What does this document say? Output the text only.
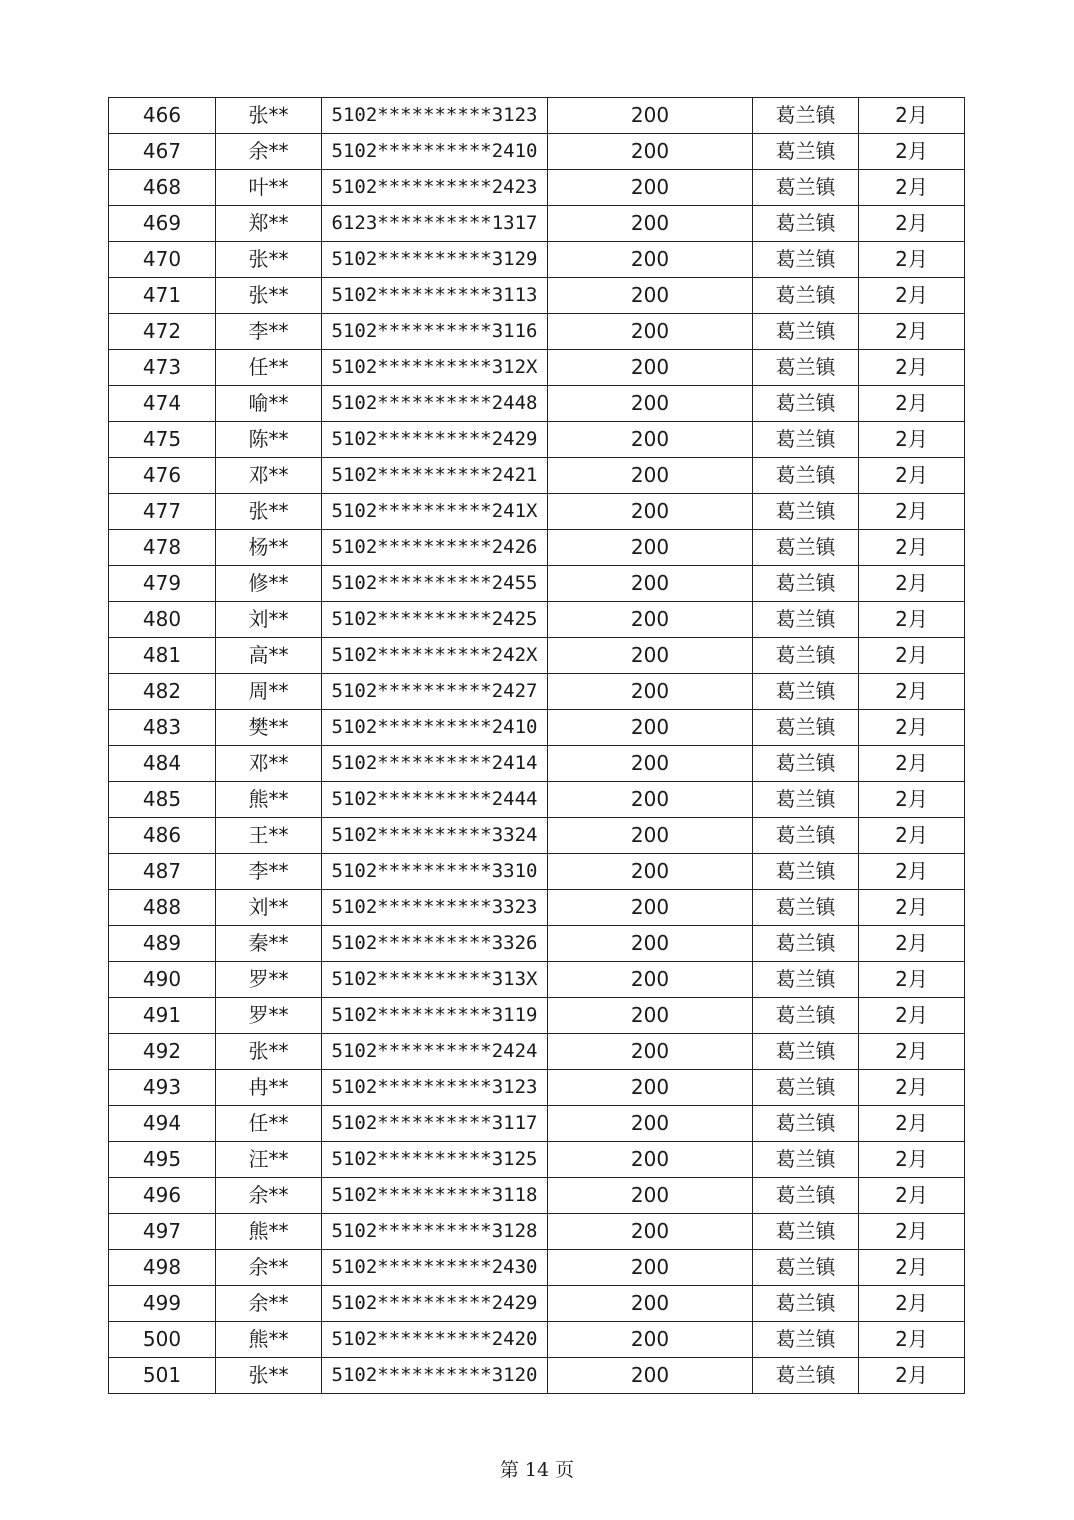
466	张**	5102**********3123	200	葛兰镇	2月
467	余**	5102**********2410	200	葛兰镇	2月
468	叶**	5102**********2423	200	葛兰镇	2月
469	郑**	6123**********1317	200	葛兰镇	2月
470	张**	5102**********3129	200	葛兰镇	2月
471	张**	5102**********3113	200	葛兰镇	2月
472	李**	5102**********3116	200	葛兰镇	2月
473	任**	5102**********312X	200	葛兰镇	2月
474	喻**	5102**********2448	200	葛兰镇	2月
475	陈**	5102**********2429	200	葛兰镇	2月
476	邓**	5102**********2421	200	葛兰镇	2月
477	张**	5102**********241X	200	葛兰镇	2月
478	杨**	5102**********2426	200	葛兰镇	2月
479	修**	5102**********2455	200	葛兰镇	2月
480	刘**	5102**********2425	200	葛兰镇	2月
481	高**	5102**********242X	200	葛兰镇	2月
482	周**	5102**********2427	200	葛兰镇	2月
483	樊**	5102**********2410	200	葛兰镇	2月
484	邓**	5102**********2414	200	葛兰镇	2月
485	熊**	5102**********2444	200	葛兰镇	2月
486	王**	5102**********3324	200	葛兰镇	2月
487	李**	5102**********3310	200	葛兰镇	2月
488	刘**	5102**********3323	200	葛兰镇	2月
489	秦**	5102**********3326	200	葛兰镇	2月
490	罗**	5102**********313X	200	葛兰镇	2月
491	罗**	5102**********3119	200	葛兰镇	2月
492	张**	5102**********2424	200	葛兰镇	2月
493	冉**	5102**********3123	200	葛兰镇	2月
494	任**	5102**********3117	200	葛兰镇	2月
495	汪**	5102**********3125	200	葛兰镇	2月
496	余**	5102**********3118	200	葛兰镇	2月
497	熊**	5102**********3128	200	葛兰镇	2月
498	余**	5102**********2430	200	葛兰镇	2月
499	余**	5102**********2429	200	葛兰镇	2月
500	熊**	5102**********2420	200	葛兰镇	2月
501	张**	5102**********3120	200	葛兰镇	2月
第 14 页
